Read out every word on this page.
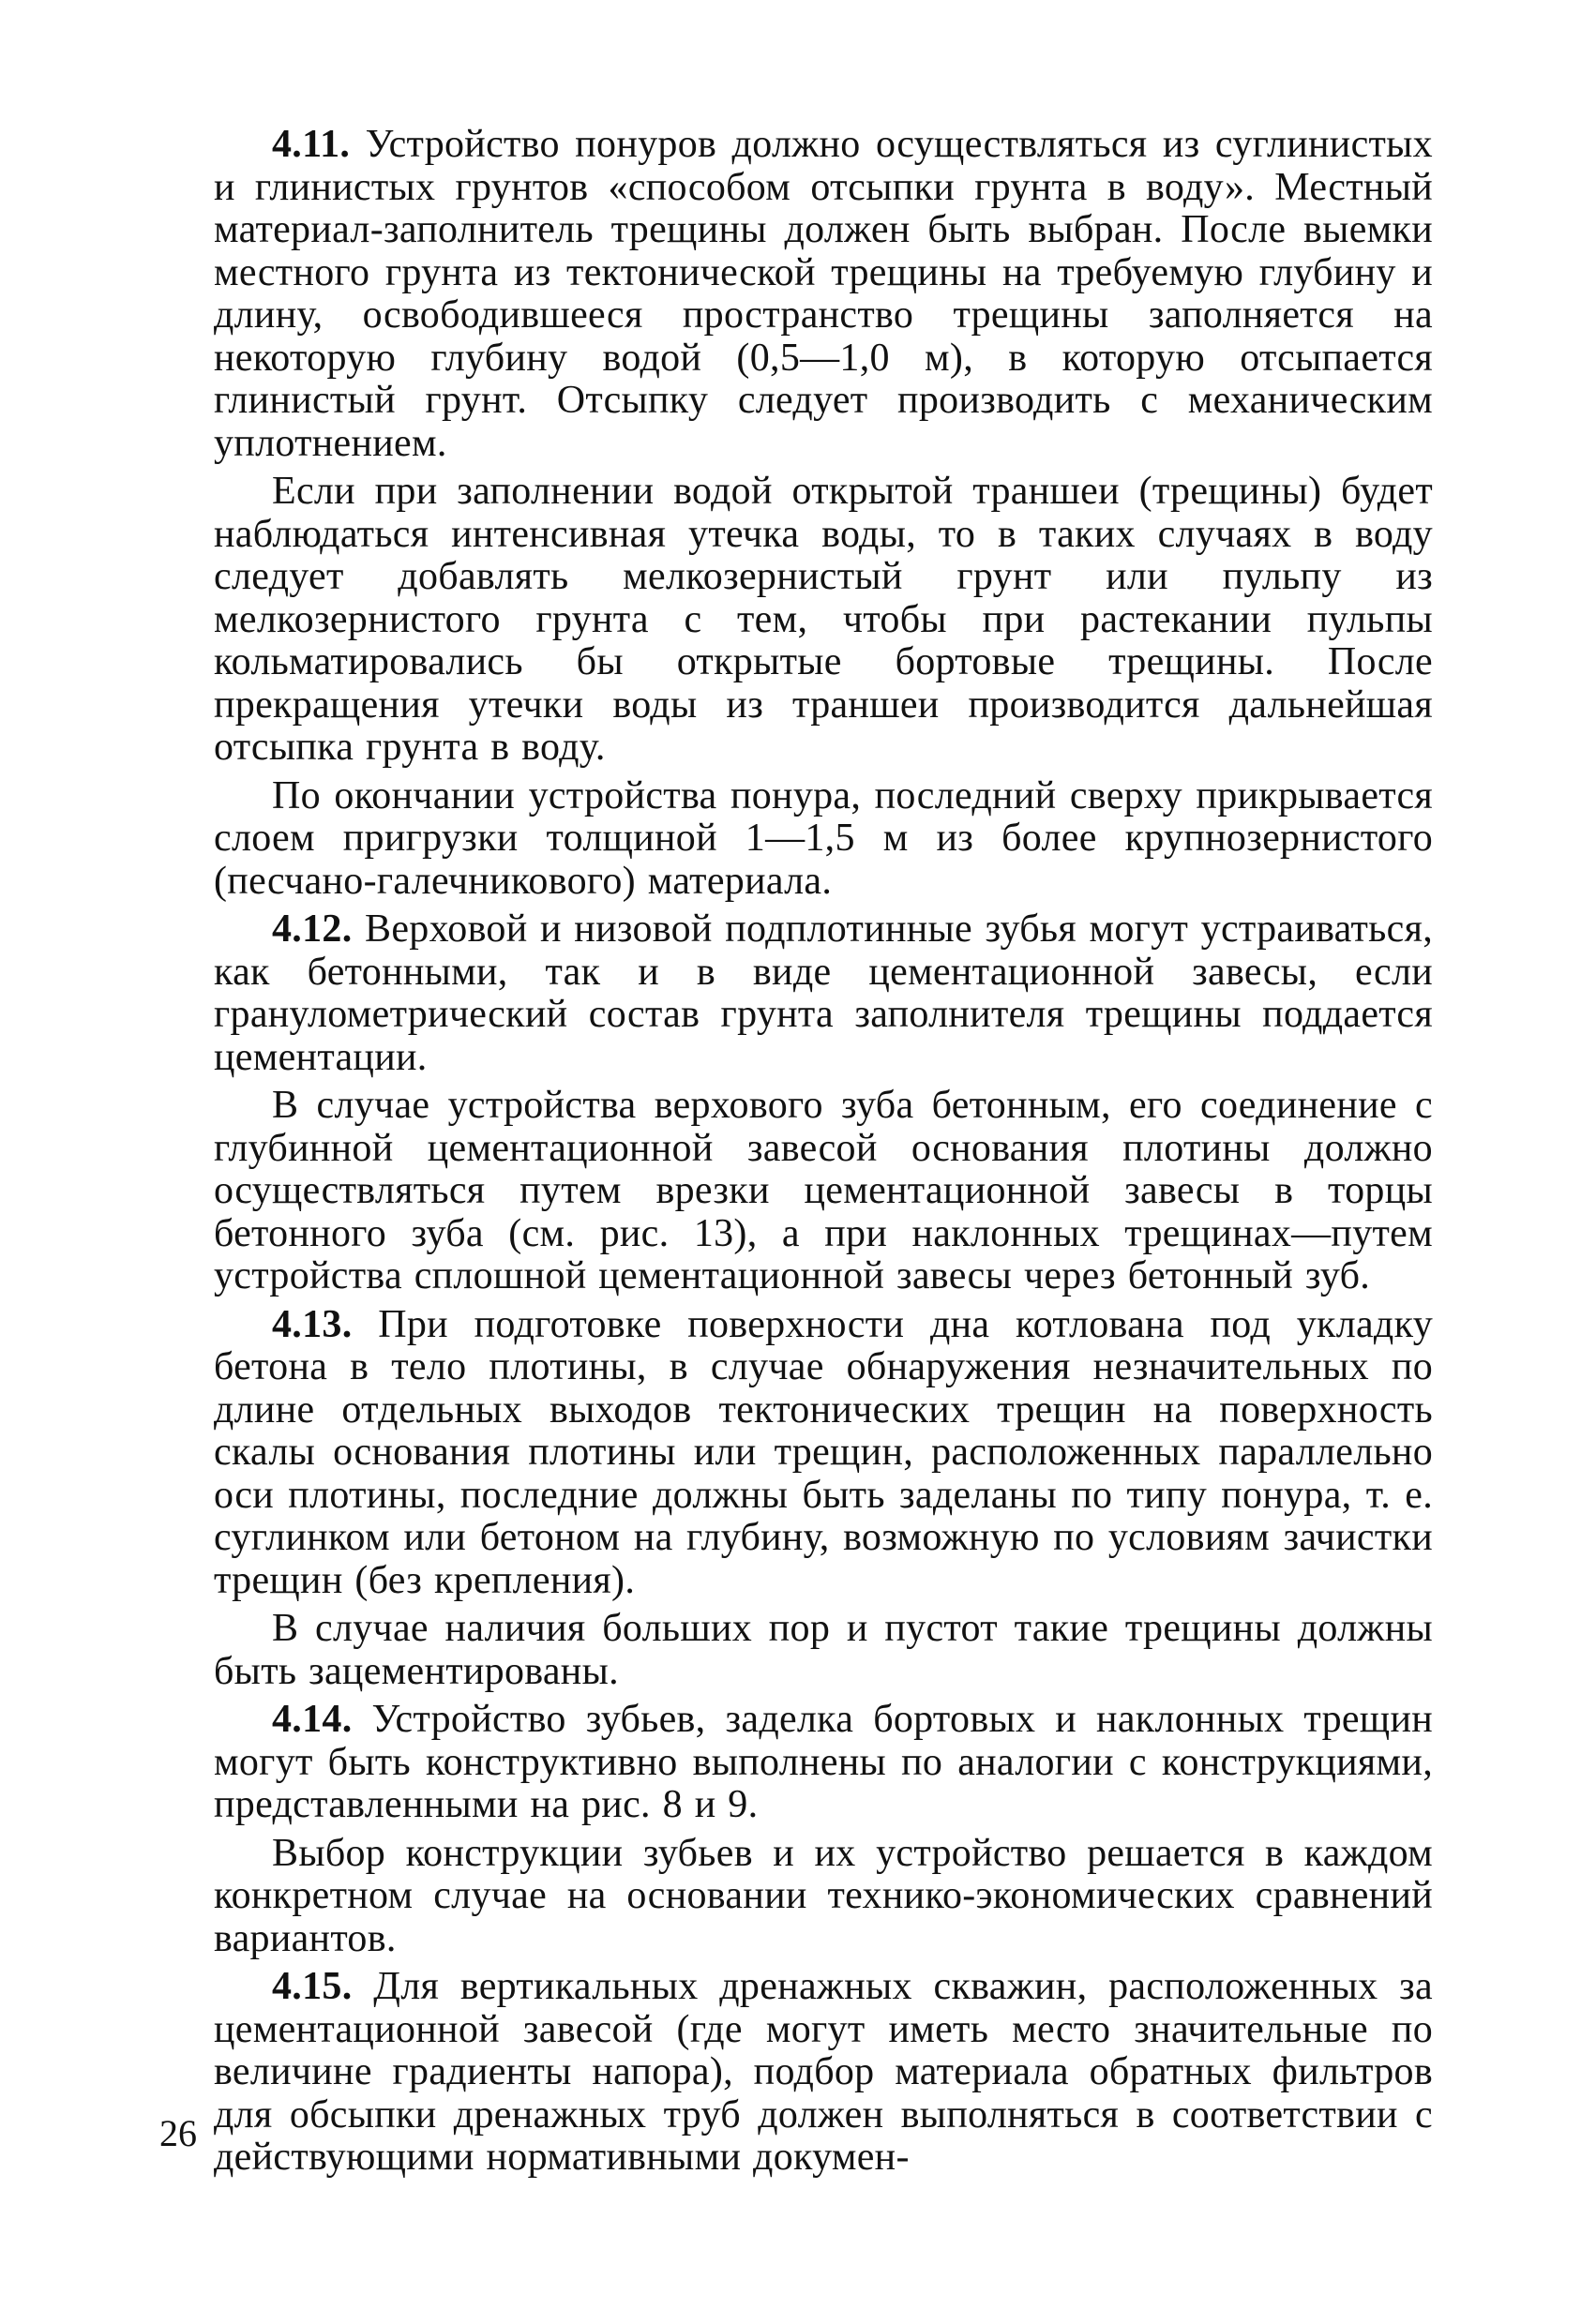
4.11. Устройство понуров должно осуществляться из суглинистых и глинистых грунтов «способом отсыпки грунта в воду». Местный материал-заполнитель трещины должен быть выбран. После выемки местного грунта из тектонической трещины на требуемую глубину и длину, освободившееся пространство трещины заполняется на некоторую глубину водой (0,5—1,0 м), в которую отсыпается глинистый грунт. Отсыпку следует производить с механическим уплотнением.

Если при заполнении водой открытой траншеи (трещины) будет наблюдаться интенсивная утечка воды, то в таких случаях в воду следует добавлять мелкозернистый грунт или пульпу из мелкозернистого грунта с тем, чтобы при растекании пульпы кольматировались бы открытые бортовые трещины. После прекращения утечки воды из траншеи производится дальнейшая отсыпка грунта в воду.

По окончании устройства понура, последний сверху прикрывается слоем пригрузки толщиной 1—1,5 м из более крупнозернистого (песчано-галечникового) материала.

4.12. Верховой и низовой подплотинные зубья могут устраиваться, как бетонными, так и в виде цементационной завесы, если гранулометрический состав грунта заполнителя трещины поддается цементации.

В случае устройства верхового зуба бетонным, его соединение с глубинной цементационной завесой основания плотины должно осуществляться путем врезки цементационной завесы в торцы бетонного зуба (см. рис. 13), а при наклонных трещинах—путем устройства сплошной цементационной завесы через бетонный зуб.

4.13. При подготовке поверхности дна котлована под укладку бетона в тело плотины, в случае обнаружения незначительных по длине отдельных выходов тектонических трещин на поверхность скалы основания плотины или трещин, расположенных параллельно оси плотины, последние должны быть заделаны по типу понура, т. е. суглинком или бетоном на глубину, возможную по условиям зачистки трещин (без крепления).

В случае наличия больших пор и пустот такие трещины должны быть зацементированы.

4.14. Устройство зубьев, заделка бортовых и наклонных трещин могут быть конструктивно выполнены по аналогии с конструкциями, представленными на рис. 8 и 9.

Выбор конструкции зубьев и их устройство решается в каждом конкретном случае на основании технико-экономических сравнений вариантов.

4.15. Для вертикальных дренажных скважин, расположенных за цементационной завесой (где могут иметь место значительные по величине градиенты напора), подбор материала обратных фильтров для обсыпки дренажных труб должен выполняться в соответствии с действующими нормативными докумен-

26
